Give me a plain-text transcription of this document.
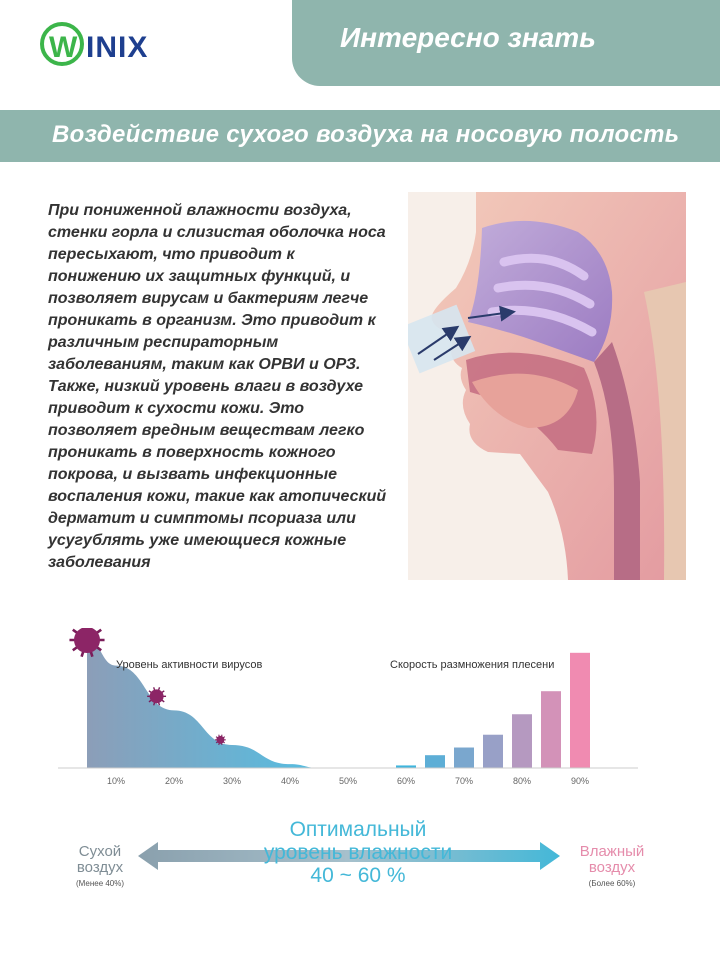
W INIX	Интересно знать
Воздействие сухого воздуха на носовую полость
При пониженной влажности воздуха, стенки горла и слизистая оболочка носа пересыхают, что приводит к понижению их защитных функций, и позволяет вирусам и бактериям легче проникать в организм. Это приводит к различным респираторным заболеваниям, таким как ОРВИ и ОРЗ. Также, низкий уровень влаги в воздухе приводит к сухости кожи. Это позволяет вредным веществам легко проникать в поверхность кожного покрова, и вызвать инфекционные воспаления кожи, такие как атопический дерматит и симптомы псориаза или усугублять уже имеющиеся кожные заболевания
10%	20%	30%	40%	50%	60%	70%	80%	90%
Уровень активности вирусов	Скорость размножения плесени
Сухой
воздух
(Менее 40%)
Оптимальный
уровень влажности
40 ~ 60 %
Влажный
воздух
(Более 60%)
